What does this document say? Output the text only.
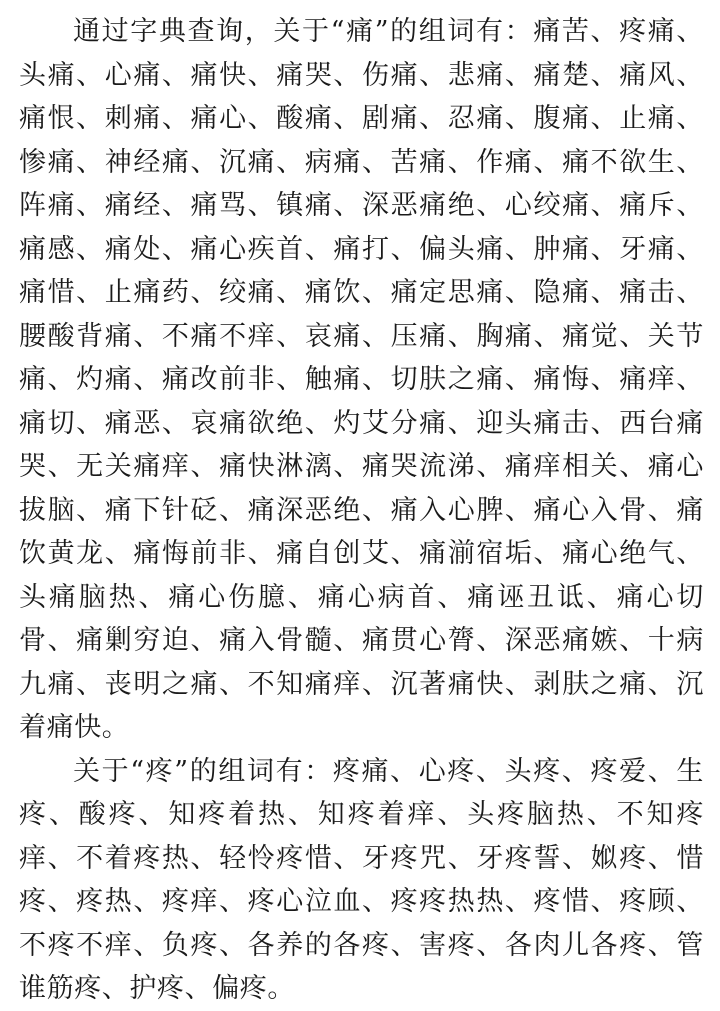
通过字典查询，关于“痛”的组词有：痛苦、疼痛、头痛、心痛、痛快、痛哭、伤痛、悲痛、痛楚、痛风、痛恨、刺痛、痛心、酸痛、剧痛、忍痛、腹痛、止痛、惨痛、神经痛、沉痛、病痛、苦痛、作痛、痛不欲生、阵痛、痛经、痛骂、镇痛、深恶痛绝、心绞痛、痛斥、痛感、痛处、痛心疾首、痛打、偏头痛、肿痛、牙痛、痛惜、止痛药、绞痛、痛饮、痛定思痛、隐痛、痛击、腰酸背痛、不痛不痒、哀痛、压痛、胸痛、痛觉、关节痛、灼痛、痛改前非、触痛、切肤之痛、痛悔、痛痒、痛切、痛恶、哀痛欲绝、灼艾分痛、迎头痛击、西台痛哭、无关痛痒、痛快淋漓、痛哭流涕、痛痒相关、痛心拔脑、痛下针砭、痛深恶绝、痛入心脾、痛心入骨、痛饮黄龙、痛悔前非、痛自创艾、痛湔宿垢、痛心绝气、头痛脑热、痛心伤臆、痛心病首、痛诬丑诋、痛心切骨、痛剿穷迫、痛入骨髓、痛贯心膂、深恶痛嫉、十病九痛、丧明之痛、不知痛痒、沉著痛快、剥肤之痛、沉着痛快。

关于“疼”的组词有：疼痛、心疼、头疼、疼爱、生疼、酸疼、知疼着热、知疼着痒、头疼脑热、不知疼痒、不着疼热、轻怜疼惜、牙疼咒、牙疼誓、娰疼、惜疼、疼热、疼痒、疼心泣血、疼疼热热、疼惜、疼顾、不疼不痒、负疼、各养的各疼、害疼、各肉儿各疼、管谁筋疼、护疼、偏疼。
